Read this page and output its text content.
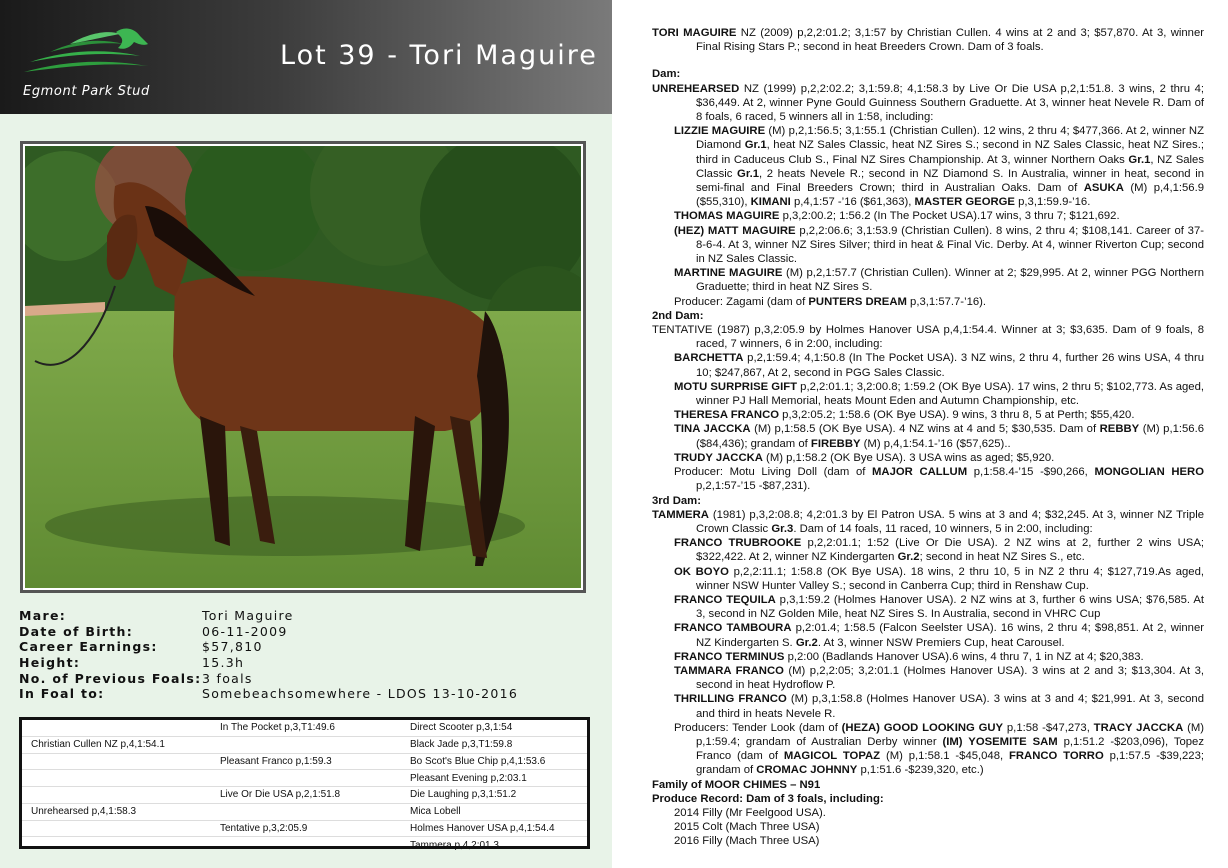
Egmont Park Stud
Lot 39 - Tori Maguire
Mare:	Tori Maguire
Date of Birth:	06-11-2009
Career Earnings:	$57,810
Height:	15.3h
No. of Previous Foals: 3 foals
In Foal to:	Somebeachsomewhere - LDOS 13-10-2016
	In The Pocket p,3,T1:49.6	Direct Scooter p,3,1:54
Christian Cullen NZ p,4,1:54.1		Black Jade p,3,T1:59.8
	Pleasant Franco p,1:59.3	Bo Scot's Blue Chip p,4,1:53.6
		Pleasant Evening p,2:03.1
	Live Or Die USA p,2,1:51.8	Die Laughing p,3,1:51.2
Unrehearsed p,4,1:58.3		Mica Lobell
	Tentative p,3,2:05.9	Holmes Hanover USA p,4,1:54.4
		Tammera p,4,2:01.3

TORI MAGUIRE NZ (2009) p,2,2:01.2; 3,1:57 by Christian Cullen. 4 wins at 2 and 3; $57,870. At 3, winner Final Rising Stars P.; second in heat Breeders Crown. Dam of 3 foals.

Dam:

UNREHEARSED NZ (1999) p,2,2:02.2; 3,1:59.8; 4,1:58.3 by Live Or Die USA p,2,1:51.8. 3 wins, 2 thru 4; $36,449. At 2, winner Pyne Gould Guinness Southern Graduette. At 3, winner heat Nevele R. Dam of 8 foals, 6 raced, 5 winners all in 1:58, including:

LIZZIE MAGUIRE (M) p,2,1:56.5; 3,1:55.1 (Christian Cullen). 12 wins, 2 thru 4; $477,366. At 2, winner NZ Diamond Gr.1, heat NZ Sales Classic, heat NZ Sires S.; second in NZ Sales Classic, heat NZ Sires.; third in Caduceus Club S., Final NZ Sires Championship. At 3, winner Northern Oaks Gr.1, NZ Sales Classic Gr.1, 2 heats Nevele R.; second in NZ Diamond S. In Australia, winner in heat, second in semi-final and Final Breeders Crown; third in Australian Oaks. Dam of ASUKA (M) p,4,1:56.9 ($55,310), KIMANI p,4,1:57 -’16 ($61,363), MASTER GEORGE p,3,1:59.9-’16.

THOMAS MAGUIRE p,3,2:00.2; 1:56.2 (In The Pocket USA).17 wins, 3 thru 7; $121,692.

(HEZ) MATT MAGUIRE p,2,2:06.6; 3,1:53.9 (Christian Cullen). 8 wins, 2 thru 4; $108,141. Career of 37-8-6-4. At 3, winner NZ Sires Silver; third in heat & Final Vic. Derby. At 4, winner Riverton Cup; second in NZ Sales Classic.

MARTINE MAGUIRE (M) p,2,1:57.7 (Christian Cullen). Winner at 2; $29,995. At 2, winner PGG Northern Graduette; third in heat NZ Sires S.

Producer: Zagami (dam of PUNTERS DREAM p,3,1:57.7-’16).

2nd Dam:

TENTATIVE (1987) p,3,2:05.9 by Holmes Hanover USA p,4,1:54.4. Winner at 3; $3,635. Dam of 9 foals, 8 raced, 7 winners, 6 in 2:00, including:

BARCHETTA p,2,1:59.4; 4,1:50.8 (In The Pocket USA). 3 NZ wins, 2 thru 4, further 26 wins USA, 4 thru 10; $247,867, At 2, second in PGG Sales Classic.

MOTU SURPRISE GIFT p,2,2:01.1; 3,2:00.8; 1:59.2 (OK Bye USA). 17 wins, 2 thru 5; $102,773. As aged, winner PJ Hall Memorial, heats Mount Eden and Autumn Championship, etc.

THERESA FRANCO p,3,2:05.2; 1:58.6 (OK Bye USA). 9 wins, 3 thru 8, 5 at Perth; $55,420.

TINA JACCKA (M) p,1:58.5 (OK Bye USA). 4 NZ wins at 4 and 5; $30,535. Dam of REBBY (M) p,1:56.6 ($84,436); grandam of FIREBBY (M) p,4,1:54.1-’16 ($57,625)..

TRUDY JACCKA (M) p,1:58.2 (OK Bye USA). 3 USA wins as aged; $5,920.

Producer: Motu Living Doll (dam of MAJOR CALLUM p,1:58.4-’15 -$90,266, MONGOLIAN HERO p,2,1:57-’15 -$87,231).

3rd Dam:

TAMMERA (1981) p,3,2:08.8; 4,2:01.3 by El Patron USA. 5 wins at 3 and 4; $32,245. At 3, winner NZ Triple Crown Classic Gr.3. Dam of 14 foals, 11 raced, 10 winners, 5 in 2:00, including:

FRANCO TRUBROOKE p,2,2:01.1; 1:52 (Live Or Die USA). 2 NZ wins at 2, further 2 wins USA; $322,422. At 2, winner NZ Kindergarten Gr.2; second in heat NZ Sires S., etc.

OK BOYO p,2,2:11.1; 1:58.8 (OK Bye USA). 18 wins, 2 thru 10, 5 in NZ 2 thru 4; $127,719.As aged, winner NSW Hunter Valley S.; second in Canberra Cup; third in Renshaw Cup.

FRANCO TEQUILA p,3,1:59.2 (Holmes Hanover USA). 2 NZ wins at 3, further 6 wins USA; $76,585. At 3, second in NZ Golden Mile, heat NZ Sires S. In Australia, second in VHRC Cup

FRANCO TAMBOURA p,2:01.4; 1:58.5 (Falcon Seelster USA). 16 wins, 2 thru 4; $98,851. At 2, winner NZ Kindergarten S. Gr.2. At 3, winner NSW Premiers Cup, heat Carousel.

FRANCO TERMINUS p,2:00 (Badlands Hanover USA).6 wins, 4 thru 7, 1 in NZ at 4; $20,383.

TAMMARA FRANCO (M) p,2,2:05; 3,2:01.1 (Holmes Hanover USA). 3 wins at 2 and 3; $13,304. At 3, second in heat Hydroflow P.

THRILLING FRANCO (M) p,3,1:58.8 (Holmes Hanover USA). 3 wins at 3 and 4; $21,991. At 3, second and third in heats Nevele R.

Producers: Tender Look (dam of (HEZA) GOOD LOOKING GUY p,1:58 -$47,273, TRACY JACCKA (M) p,1:59.4; grandam of Australian Derby winner (IM) YOSEMITE SAM p,1:51.2 -$203,096), Topez Franco (dam of MAGICOL TOPAZ (M) p,1:58.1 -$45,048, FRANCO TORRO p,1:57.5 -$39,223; grandam of CROMAC JOHNNY p,1:51.6 -$239,320, etc.)

Family of MOOR CHIMES – N91

Produce Record: Dam of 3 foals, including:

2014 Filly (Mr Feelgood USA).

2015 Colt (Mach Three USA)

2016 Filly (Mach Three USA)
